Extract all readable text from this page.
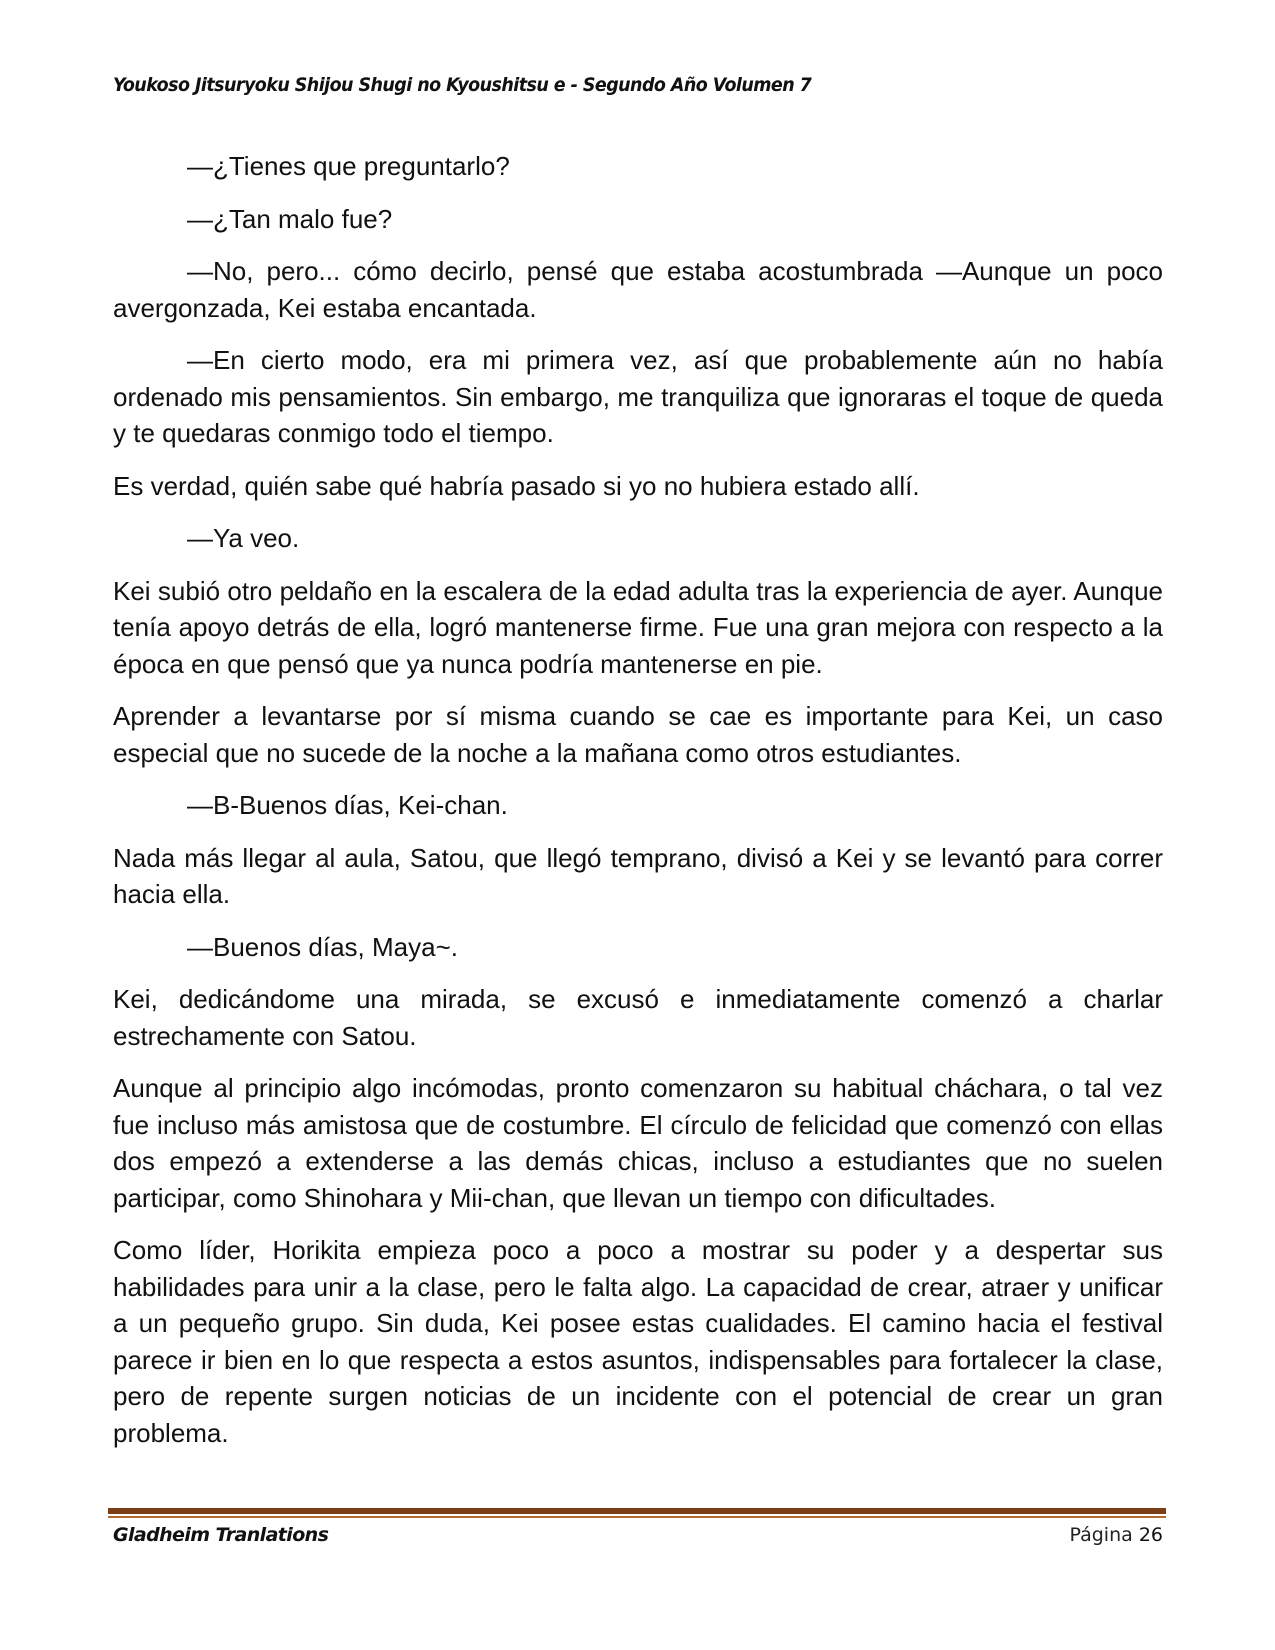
Youkoso Jitsuryoku Shijou Shugi no Kyoushitsu e - Segundo Año Volumen 7

—¿Tienes que preguntarlo?

—¿Tan malo fue?

—No, pero... cómo decirlo, pensé que estaba acostumbrada —Aunque un poco avergonzada, Kei estaba encantada.

—En cierto modo, era mi primera vez, así que probablemente aún no había ordenado mis pensamientos. Sin embargo, me tranquiliza que ignoraras el toque de queda y te quedaras conmigo todo el tiempo.

Es verdad, quién sabe qué habría pasado si yo no hubiera estado allí.

—Ya veo.

Kei subió otro peldaño en la escalera de la edad adulta tras la experiencia de ayer. Aunque tenía apoyo detrás de ella, logró mantenerse firme. Fue una gran mejora con respecto a la época en que pensó que ya nunca podría mantenerse en pie.

Aprender a levantarse por sí misma cuando se cae es importante para Kei, un caso especial que no sucede de la noche a la mañana como otros estudiantes.

—B-Buenos días, Kei-chan.

Nada más llegar al aula, Satou, que llegó temprano, divisó a Kei y se levantó para correr hacia ella.

—Buenos días, Maya~.

Kei, dedicándome una mirada, se excusó e inmediatamente comenzó a charlar estrechamente con Satou.

Aunque al principio algo incómodas, pronto comenzaron su habitual cháchara, o tal vez fue incluso más amistosa que de costumbre. El círculo de felicidad que comenzó con ellas dos empezó a extenderse a las demás chicas, incluso a estudiantes que no suelen participar, como Shinohara y Mii-chan, que llevan un tiempo con dificultades.

Como líder, Horikita empieza poco a poco a mostrar su poder y a despertar sus habilidades para unir a la clase, pero le falta algo. La capacidad de crear, atraer y unificar a un pequeño grupo. Sin duda, Kei posee estas cualidades. El camino hacia el festival parece ir bien en lo que respecta a estos asuntos, indispensables para fortalecer la clase, pero de repente surgen noticias de un incidente con el potencial de crear un gran problema.

Gladheim Tranlations	Página 26
